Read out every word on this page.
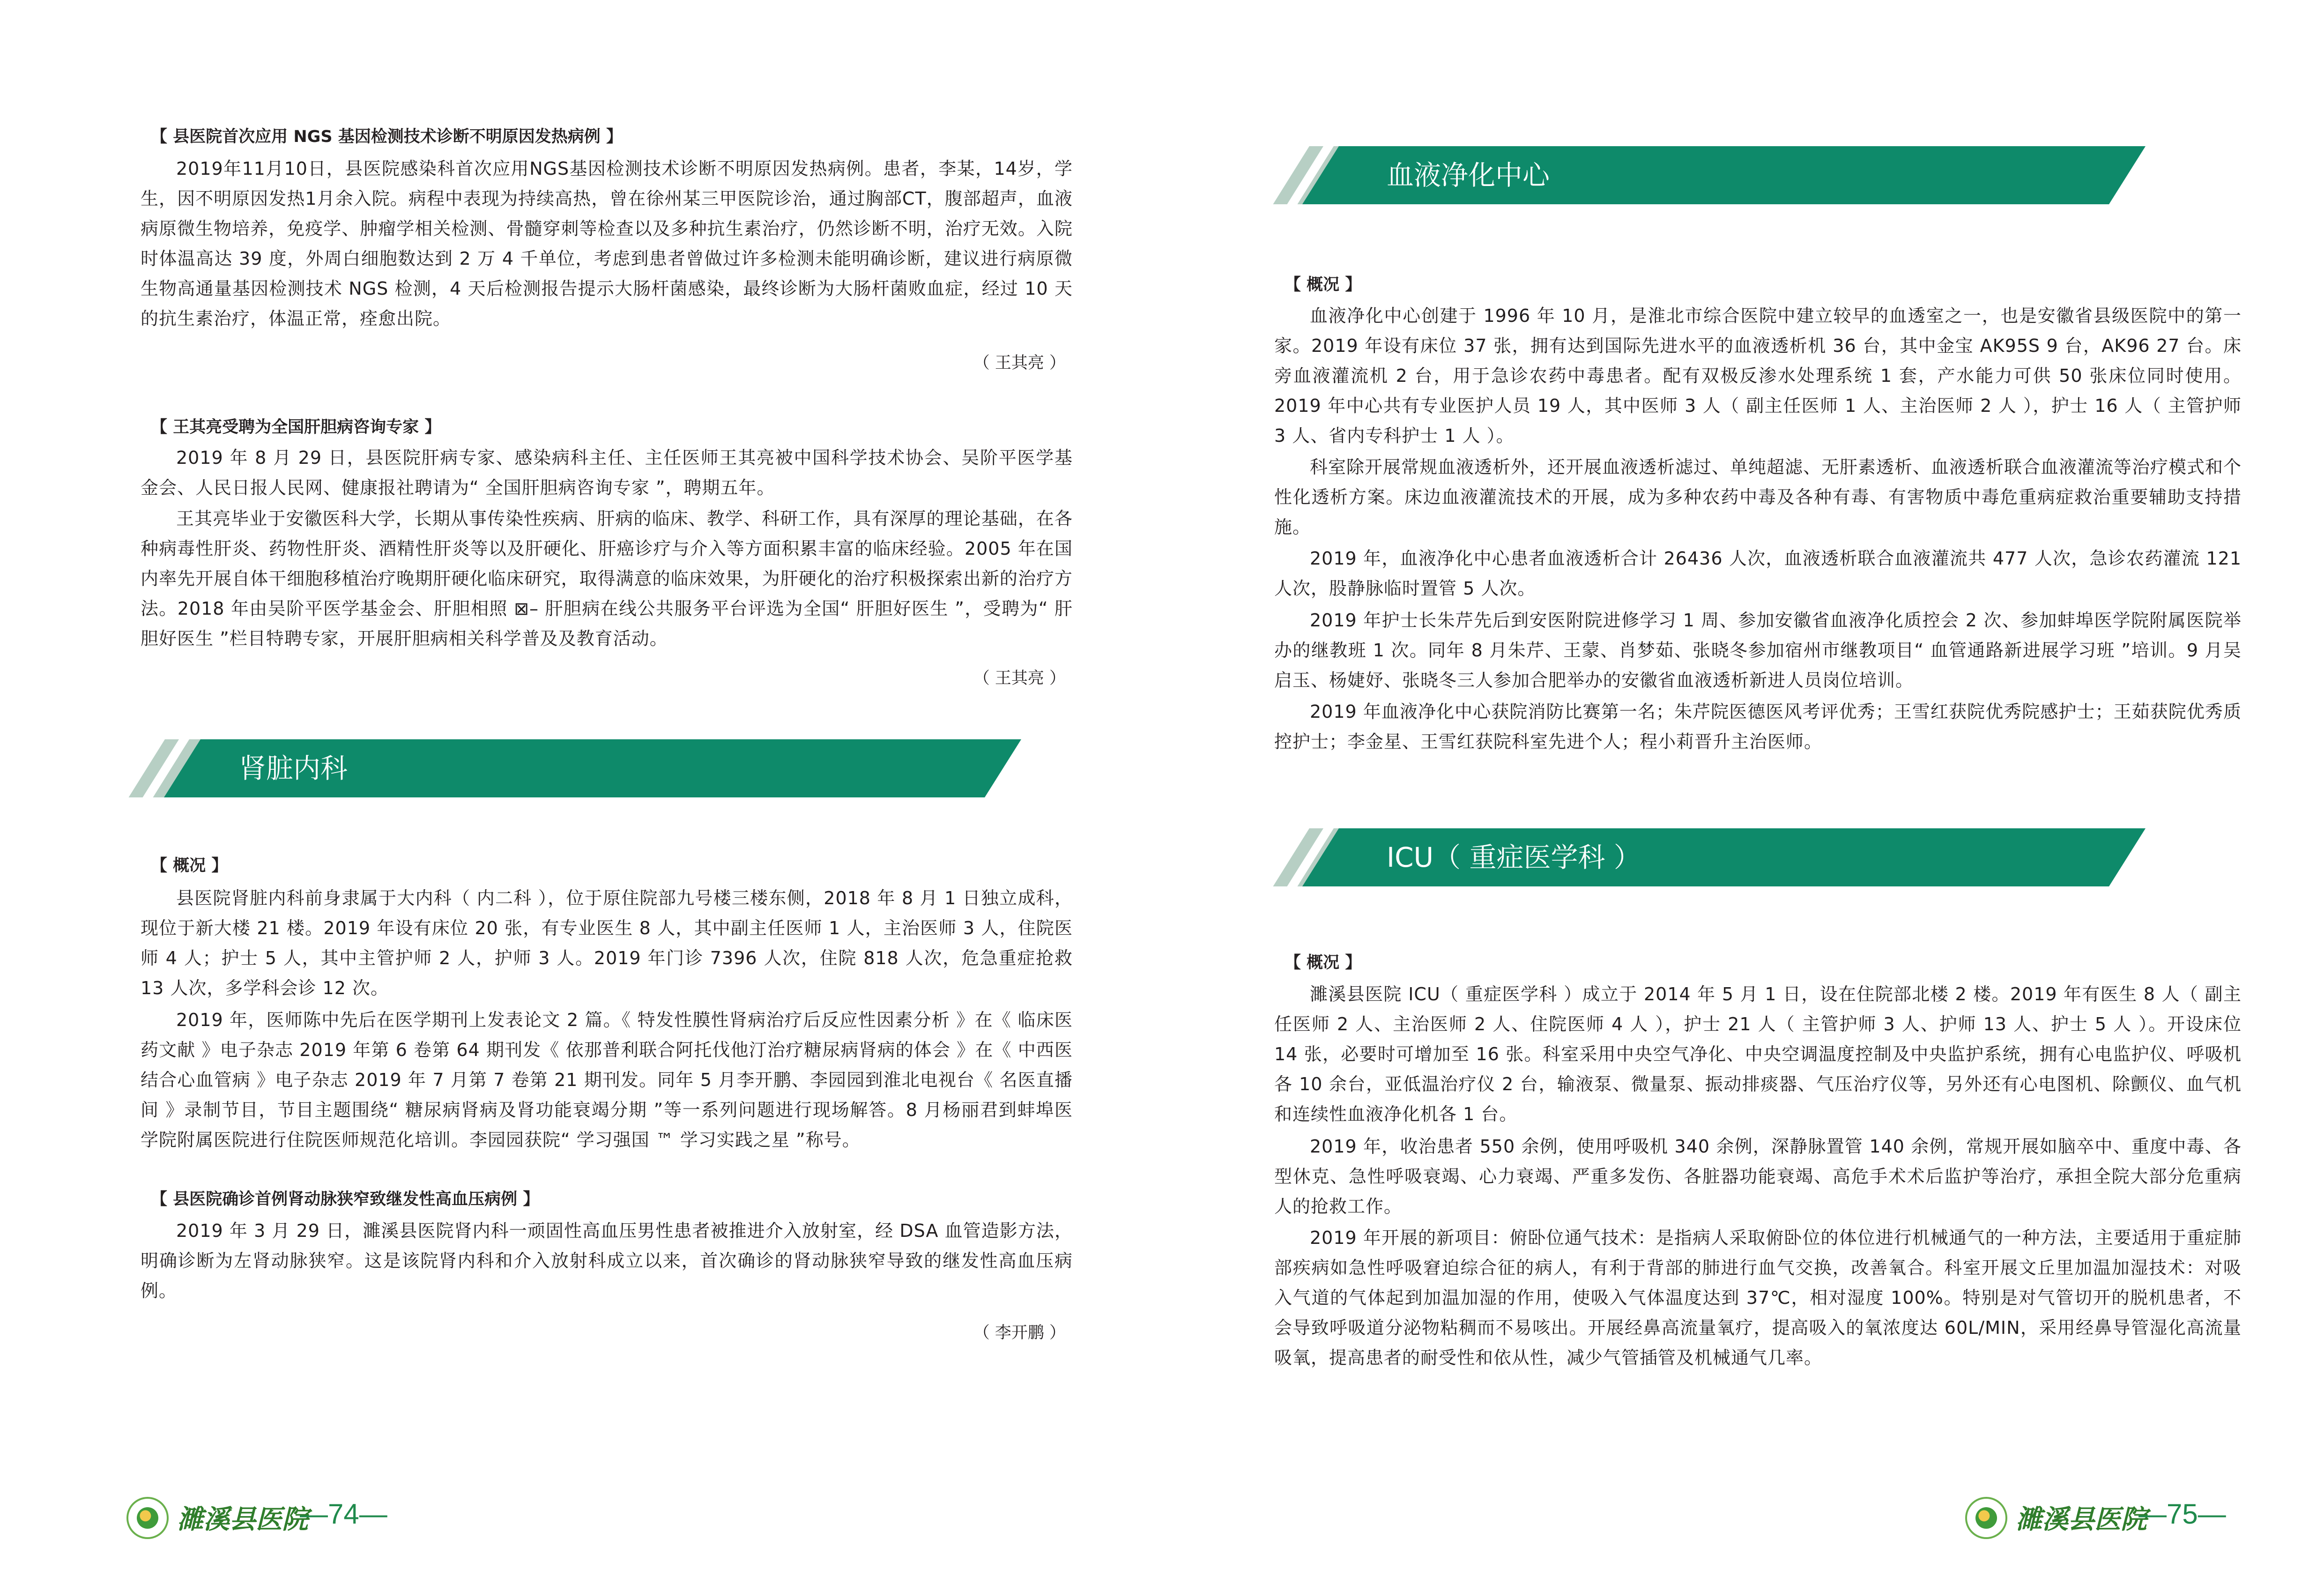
【 县医院首次应用 NGS 基因检测技术诊断不明原因发热病例 】

2019年11月10日，县医院感染科首次应用NGS基因检测技术诊断不明原因发热病例。患者，李某，14岁，学生，因不明原因发热1月余入院。病程中表现为持续高热，曾在徐州某三甲医院诊治，通过胸部CT，腹部超声，血液病原微生物培养，免疫学、肿瘤学相关检测、骨髓穿刺等检查以及多种抗生素治疗，仍然诊断不明，治疗无效。入院时体温高达 39 度，外周白细胞数达到 2 万 4 千单位，考虑到患者曾做过许多检测未能明确诊断，建议进行病原微生物高通量基因检测技术 NGS 检测，4 天后检测报告提示大肠杆菌感染，最终诊断为大肠杆菌败血症，经过 10 天的抗生素治疗，体温正常，痊愈出院。

（ 王其亮 ）
【 王其亮受聘为全国肝胆病咨询专家 】

2019 年 8 月 29 日，县医院肝病专家、感染病科主任、主任医师王其亮被中国科学技术协会、吴阶平医学基金会、人民日报人民网、健康报社聘请为“ 全国肝胆病咨询专家 ”，聘期五年。

王其亮毕业于安徽医科大学，长期从事传染性疾病、肝病的临床、教学、科研工作，具有深厚的理论基础，在各种病毒性肝炎、药物性肝炎、酒精性肝炎等以及肝硬化、肝癌诊疗与介入等方面积累丰富的临床经验。2005 年在国内率先开展自体干细胞移植治疗晚期肝硬化临床研究，取得满意的临床效果，为肝硬化的治疗积极探索出新的治疗方法。2018 年由吴阶平医学基金会、肝胆相照 ⊠– 肝胆病在线公共服务平台评选为全国“ 肝胆好医生 ”，受聘为“ 肝胆好医生 ”栏目特聘专家，开展肝胆病相关科学普及及教育活动。

（ 王其亮 ）
肾脏内科
【 概况 】

县医院肾脏内科前身隶属于大内科（ 内二科 ），位于原住院部九号楼三楼东侧，2018 年 8 月 1 日独立成科，现位于新大楼 21 楼。2019 年设有床位 20 张，有专业医生 8 人，其中副主任医师 1 人，主治医师 3 人，住院医师 4 人；护士 5 人，其中主管护师 2 人，护师 3 人。2019 年门诊 7396 人次，住院 818 人次，危急重症抢救 13 人次，多学科会诊 12 次。

2019 年，医师陈中先后在医学期刊上发表论文 2 篇。《 特发性膜性肾病治疗后反应性因素分析 》在《 临床医药文献 》电子杂志 2019 年第 6 卷第 64 期刊发《 依那普利联合阿托伐他汀治疗糖尿病肾病的体会 》在《 中西医结合心血管病 》电子杂志 2019 年 7 月第 7 卷第 21 期刊发。同年 5 月李开鹏、李园园到淮北电视台《 名医直播间 》录制节目，节目主题围绕“ 糖尿病肾病及肾功能衰竭分期 ”等一系列问题进行现场解答。8 月杨丽君到蚌埠医学院附属医院进行住院医师规范化培训。李园园获院“ 学习强国 ™ 学习实践之星 ”称号。

【 县医院确诊首例肾动脉狭窄致继发性高血压病例 】

2019 年 3 月 29 日，濉溪县医院肾内科一顽固性高血压男性患者被推进介入放射室，经 DSA 血管造影方法，明确诊断为左肾动脉狭窄。这是该院肾内科和介入放射科成立以来，首次确诊的肾动脉狭窄导致的继发性高血压病例。

（ 李开鹏 ）
濉溪县医院
—74—
血液净化中心
【 概况 】

血液净化中心创建于 1996 年 10 月，是淮北市综合医院中建立较早的血透室之一，也是安徽省县级医院中的第一家。2019 年设有床位 37 张，拥有达到国际先进水平的血液透析机 36 台，其中金宝 AK95S 9 台，AK96 27 台。床旁血液灌流机 2 台，用于急诊农药中毒患者。配有双极反渗水处理系统 1 套，产水能力可供 50 张床位同时使用。2019 年中心共有专业医护人员 19 人，其中医师 3 人（ 副主任医师 1 人、主治医师 2 人 ），护士 16 人（ 主管护师 3 人、省内专科护士 1 人 ）。

科室除开展常规血液透析外，还开展血液透析滤过、单纯超滤、无肝素透析、血液透析联合血液灌流等治疗模式和个性化透析方案。床边血液灌流技术的开展，成为多种农药中毒及各种有毒、有害物质中毒危重病症救治重要辅助支持措施。

2019 年，血液净化中心患者血液透析合计 26436 人次，血液透析联合血液灌流共 477 人次，急诊农药灌流 121 人次，股静脉临时置管 5 人次。

2019 年护士长朱芹先后到安医附院进修学习 1 周、参加安徽省血液净化质控会 2 次、参加蚌埠医学院附属医院举办的继教班 1 次。同年 8 月朱芹、王蒙、肖梦茹、张晓冬参加宿州市继教项目“ 血管通路新进展学习班 ”培训。9 月吴启玉、杨婕妤、张晓冬三人参加合肥举办的安徽省血液透析新进人员岗位培训。

2019 年血液净化中心获院消防比赛第一名；朱芹院医德医风考评优秀；王雪红获院优秀院感护士；王茹获院优秀质控护士；李金星、王雪红获院科室先进个人；程小莉晋升主治医师。

ICU（ 重症医学科 ）
【 概况 】

濉溪县医院 ICU（ 重症医学科 ）成立于 2014 年 5 月 1 日，设在住院部北楼 2 楼。2019 年有医生 8 人（ 副主任医师 2 人、主治医师 2 人、住院医师 4 人 ），护士 21 人（ 主管护师 3 人、护师 13 人、护士 5 人 ）。开设床位 14 张，必要时可增加至 16 张。科室采用中央空气净化、中央空调温度控制及中央监护系统，拥有心电监护仪、呼吸机各 10 余台，亚低温治疗仪 2 台，输液泵、微量泵、振动排痰器、气压治疗仪等，另外还有心电图机、除颤仪、血气机和连续性血液净化机各 1 台。

2019 年，收治患者 550 余例，使用呼吸机 340 余例，深静脉置管 140 余例，常规开展如脑卒中、重度中毒、各型休克、急性呼吸衰竭、心力衰竭、严重多发伤、各脏器功能衰竭、高危手术术后监护等治疗，承担全院大部分危重病人的抢救工作。

2019 年开展的新项目：俯卧位通气技术：是指病人采取俯卧位的体位进行机械通气的一种方法，主要适用于重症肺部疾病如急性呼吸窘迫综合征的病人，有利于背部的肺进行血气交换，改善氧合。科室开展文丘里加温加湿技术：对吸入气道的气体起到加温加湿的作用，使吸入气体温度达到 37℃，相对湿度 100%。特别是对气管切开的脱机患者，不会导致呼吸道分泌物粘稠而不易咳出。开展经鼻高流量氧疗，提高吸入的氧浓度达 60L/MIN，采用经鼻导管湿化高流量吸氧，提高患者的耐受性和依从性，减少气管插管及机械通气几率。

濉溪县医院
—75—
